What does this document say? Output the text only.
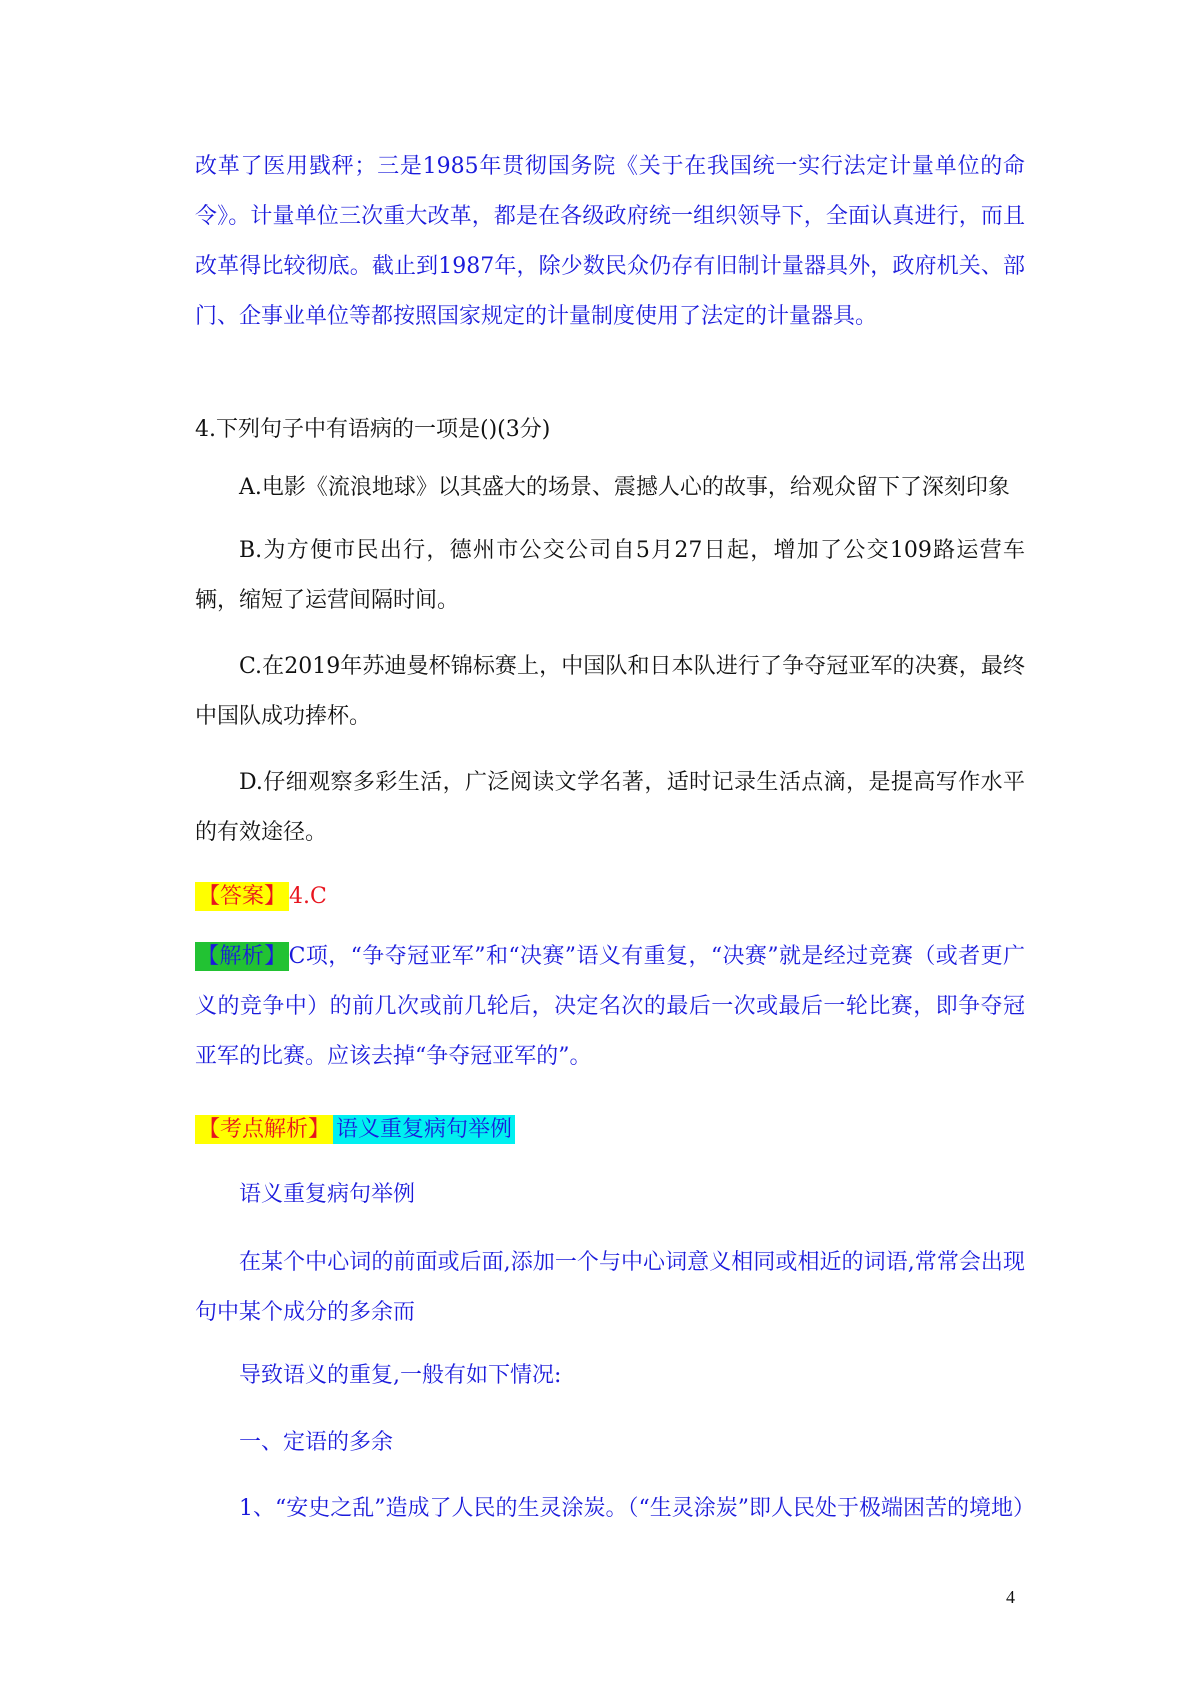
改革了医用戥秤；三是1985年贯彻国务院《关于在我国统一实行法定计量单位的命令》。计量单位三次重大改革，都是在各级政府统一组织领导下，全面认真进行，而且改革得比较彻底。截止到1987年，除少数民众仍存有旧制计量器具外，政府机关、部门、企事业单位等都按照国家规定的计量制度使用了法定的计量器具。

4.下列句子中有语病的一项是()(3分)

A.电影《流浪地球》以其盛大的场景、震撼人心的故事，给观众留下了深刻印象

B.为方便市民出行，德州市公交公司自5月27日起，增加了公交109路运营车辆，缩短了运营间隔时间。

C.在2019年苏迪曼杯锦标赛上，中国队和日本队进行了争夺冠亚军的决赛，最终中国队成功捧杯。

D.仔细观察多彩生活，广泛阅读文学名著，适时记录生活点滴，是提高写作水平的有效途径。

【答案】 4.C

【解析】C项，“争夺冠亚军”和“决赛”语义有重复，“决赛”就是经过竞赛（或者更广义的竞争中）的前几次或前几轮后，决定名次的最后一次或最后一轮比赛，即争夺冠亚军的比赛。应该去掉“争夺冠亚军的”。

【考点解析】 语义重复病句举例

语义重复病句举例

在某个中心词的前面或后面,添加一个与中心词意义相同或相近的词语,常常会出现句中某个成分的多余而

导致语义的重复,一般有如下情况:

一、定语的多余

1、“安史之乱”造成了人民的生灵涂炭。（“生灵涂炭”即人民处于极端困苦的境地）

4
